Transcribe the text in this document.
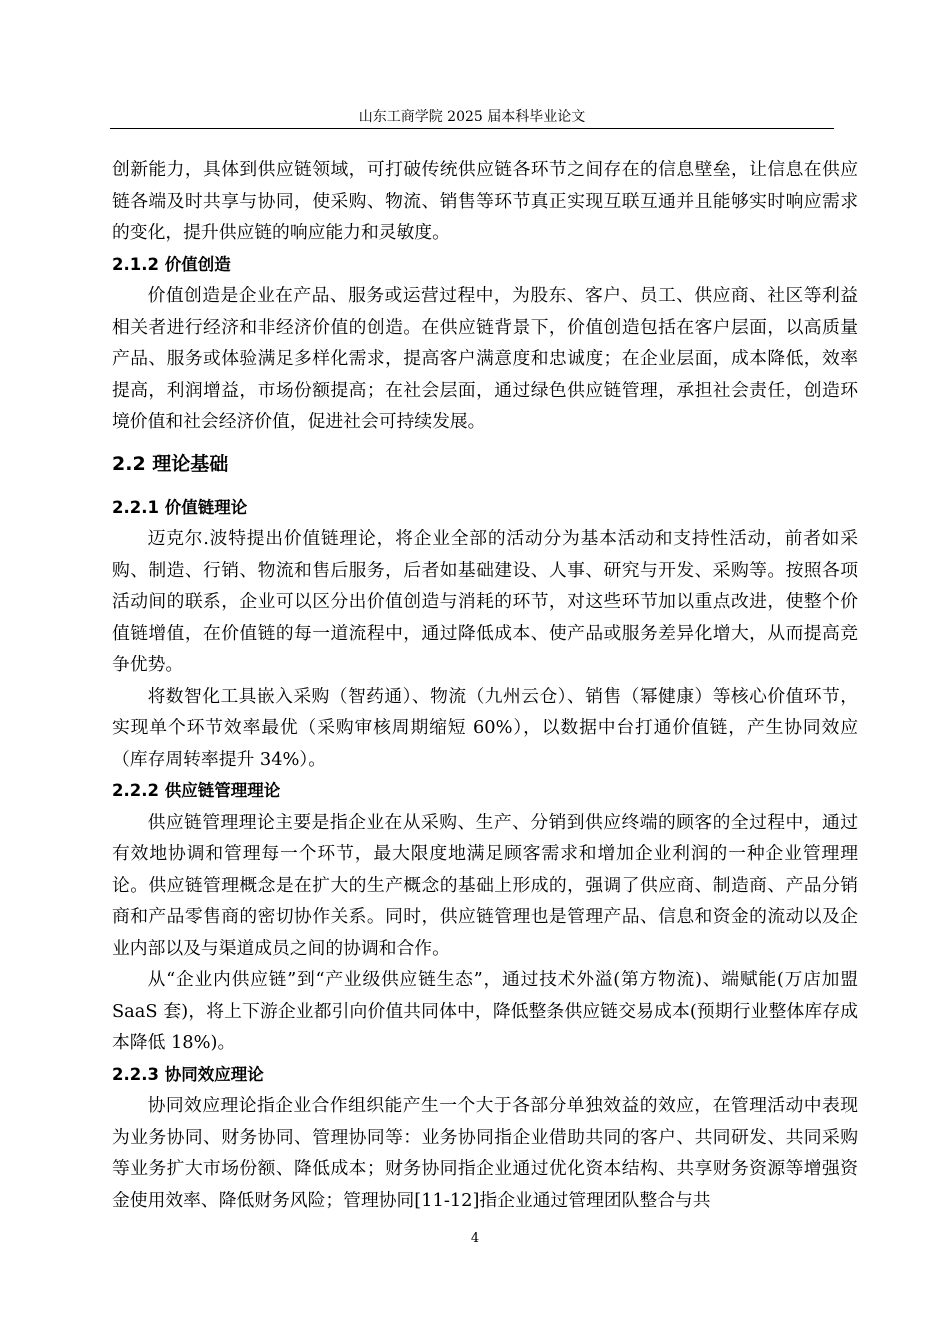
山东工商学院 2025 届本科毕业论文

创新能力，具体到供应链领域，可打破传统供应链各环节之间存在的信息壁垒，让信息在供应链各端及时共享与协同，使采购、物流、销售等环节真正实现互联互通并且能够实时响应需求的变化，提升供应链的响应能力和灵敏度。

2.1.2 价值创造

价值创造是企业在产品、服务或运营过程中，为股东、客户、员工、供应商、社区等利益相关者进行经济和非经济价值的创造。在供应链背景下，价值创造包括在客户层面，以高质量产品、服务或体验满足多样化需求，提高客户满意度和忠诚度；在企业层面，成本降低，效率提高，利润增益，市场份额提高；在社会层面，通过绿色供应链管理，承担社会责任，创造环境价值和社会经济价值，促进社会可持续发展。

2.2 理论基础
2.2.1 价值链理论

迈克尔.波特提出价值链理论，将企业全部的活动分为基本活动和支持性活动，前者如采购、制造、行销、物流和售后服务，后者如基础建设、人事、研究与开发、采购等。按照各项活动间的联系，企业可以区分出价值创造与消耗的环节，对这些环节加以重点改进，使整个价值链增值，在价值链的每一道流程中，通过降低成本、使产品或服务差异化增大，从而提高竞争优势。

将数智化工具嵌入采购（智药通）、物流（九州云仓）、销售（幂健康）等核心价值环节，实现单个环节效率最优（采购审核周期缩短 60%），以数据中台打通价值链，产生协同效应（库存周转率提升 34%）。

2.2.2 供应链管理理论

供应链管理理论主要是指企业在从采购、生产、分销到供应终端的顾客的全过程中，通过有效地协调和管理每一个环节，最大限度地满足顾客需求和增加企业利润的一种企业管理理论。供应链管理概念是在扩大的生产概念的基础上形成的，强调了供应商、制造商、产品分销商和产品零售商的密切协作关系。同时，供应链管理也是管理产品、信息和资金的流动以及企业内部以及与渠道成员之间的协调和合作。

从“企业内供应链”到“产业级供应链生态”，通过技术外溢(第方物流)、端赋能(万店加盟 SaaS 套)，将上下游企业都引向价值共同体中，降低整条供应链交易成本(预期行业整体库存成本降低 18%)。

2.2.3 协同效应理论

协同效应理论指企业合作组织能产生一个大于各部分单独效益的效应，在管理活动中表现为业务协同、财务协同、管理协同等：业务协同指企业借助共同的客户、共同研发、共同采购等业务扩大市场份额、降低成本；财务协同指企业通过优化资本结构、共享财务资源等增强资金使用效率、降低财务风险；管理协同[11-12]指企业通过管理团队整合与共

4
